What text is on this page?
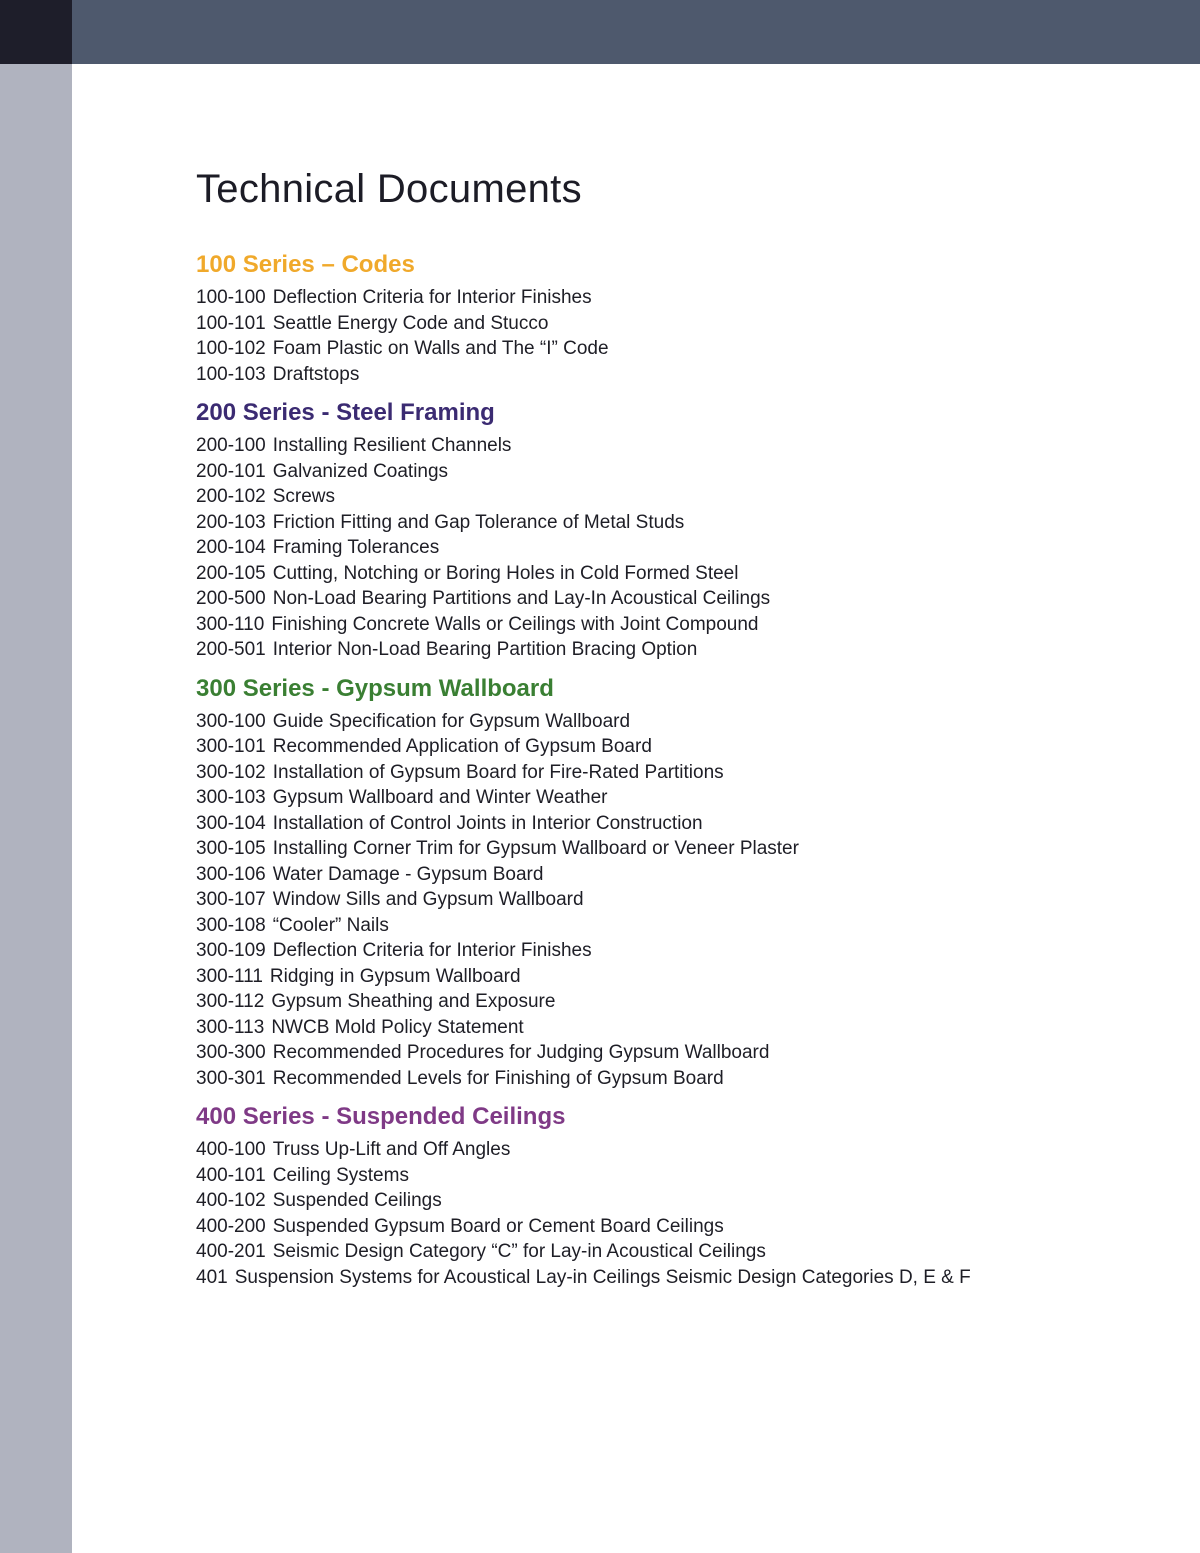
Technical Documents
100 Series – Codes
100-100 Deflection Criteria for Interior Finishes
100-101 Seattle Energy Code and Stucco
100-102 Foam Plastic on Walls and The “I” Code
100-103 Draftstops
200 Series - Steel Framing
200-100 Installing Resilient Channels
200-101 Galvanized Coatings
200-102 Screws
200-103 Friction Fitting and Gap Tolerance of Metal Studs
200-104 Framing Tolerances
200-105 Cutting, Notching or Boring Holes in Cold Formed Steel
200-500 Non-Load Bearing Partitions and Lay-In Acoustical Ceilings
300-110 Finishing Concrete Walls or Ceilings with Joint Compound
200-501 Interior Non-Load Bearing Partition Bracing Option
300 Series - Gypsum Wallboard
300-100 Guide Specification for Gypsum Wallboard
300-101 Recommended Application of Gypsum Board
300-102 Installation of Gypsum Board for Fire-Rated Partitions
300-103 Gypsum Wallboard and Winter Weather
300-104 Installation of Control Joints in Interior Construction
300-105 Installing Corner Trim for Gypsum Wallboard or Veneer Plaster
300-106 Water Damage - Gypsum Board
300-107 Window Sills and Gypsum Wallboard
300-108 “Cooler” Nails
300-109 Deflection Criteria for Interior Finishes
300-111 Ridging in Gypsum Wallboard
300-112 Gypsum Sheathing and Exposure
300-113 NWCB Mold Policy Statement
300-300 Recommended Procedures for Judging Gypsum Wallboard
300-301 Recommended Levels for Finishing of Gypsum Board
400 Series - Suspended Ceilings
400-100 Truss Up-Lift and Off Angles
400-101 Ceiling Systems
400-102 Suspended Ceilings
400-200 Suspended Gypsum Board or Cement Board Ceilings
400-201 Seismic Design Category “C” for Lay-in Acoustical Ceilings
401 Suspension Systems for Acoustical Lay-in Ceilings Seismic Design Categories D, E & F
